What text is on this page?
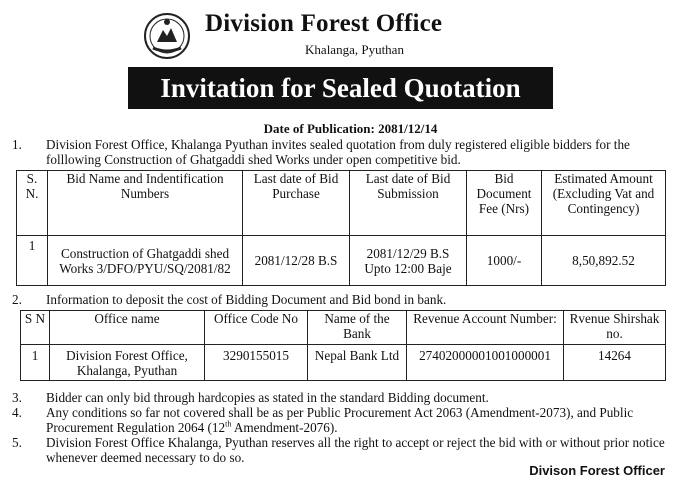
Division Forest Office
Khalanga, Pyuthan
Invitation for Sealed Quotation
Date of Publication: 2081/12/14
1. Division Forest Office, Khalanga Pyuthan invites sealed quotation from duly registered eligible bidders for the folllowing Construction of Ghatgaddi shed Works under open competitive bid.
S. N.	Bid Name and Indentification Numbers	Last date of Bid Purchase	Last date of Bid Submission	Bid Document Fee (Nrs)	Estimated Amount (Excluding Vat and Contingency)
1	Construction of Ghatgaddi shed Works 3/DFO/PYU/SQ/2081/82	2081/12/28 B.S	2081/12/29 B.S Upto 12:00 Baje	1000/-	8,50,892.52
2. Information to deposit the cost of Bidding Document and Bid bond in bank.
S N	Office name	Office Code No	Name of the Bank	Revenue Account Number:	Rvenue Shirshak no.
1	Division Forest Office, Khalanga, Pyuthan	3290155015	Nepal Bank Ltd	27402000001001000001	14264
3. Bidder can only bid through hardcopies as stated in the standard Bidding document.
4. Any conditions so far not covered shall be as per Public Procurement Act 2063 (Amendment-2073), and Public Procurement Regulation 2064 (12th Amendment-2076).
5. Division Forest Office Khalanga, Pyuthan reserves all the right to accept or reject the bid with or without prior notice whenever deemed necessary to do so.
Divison Forest Officer
